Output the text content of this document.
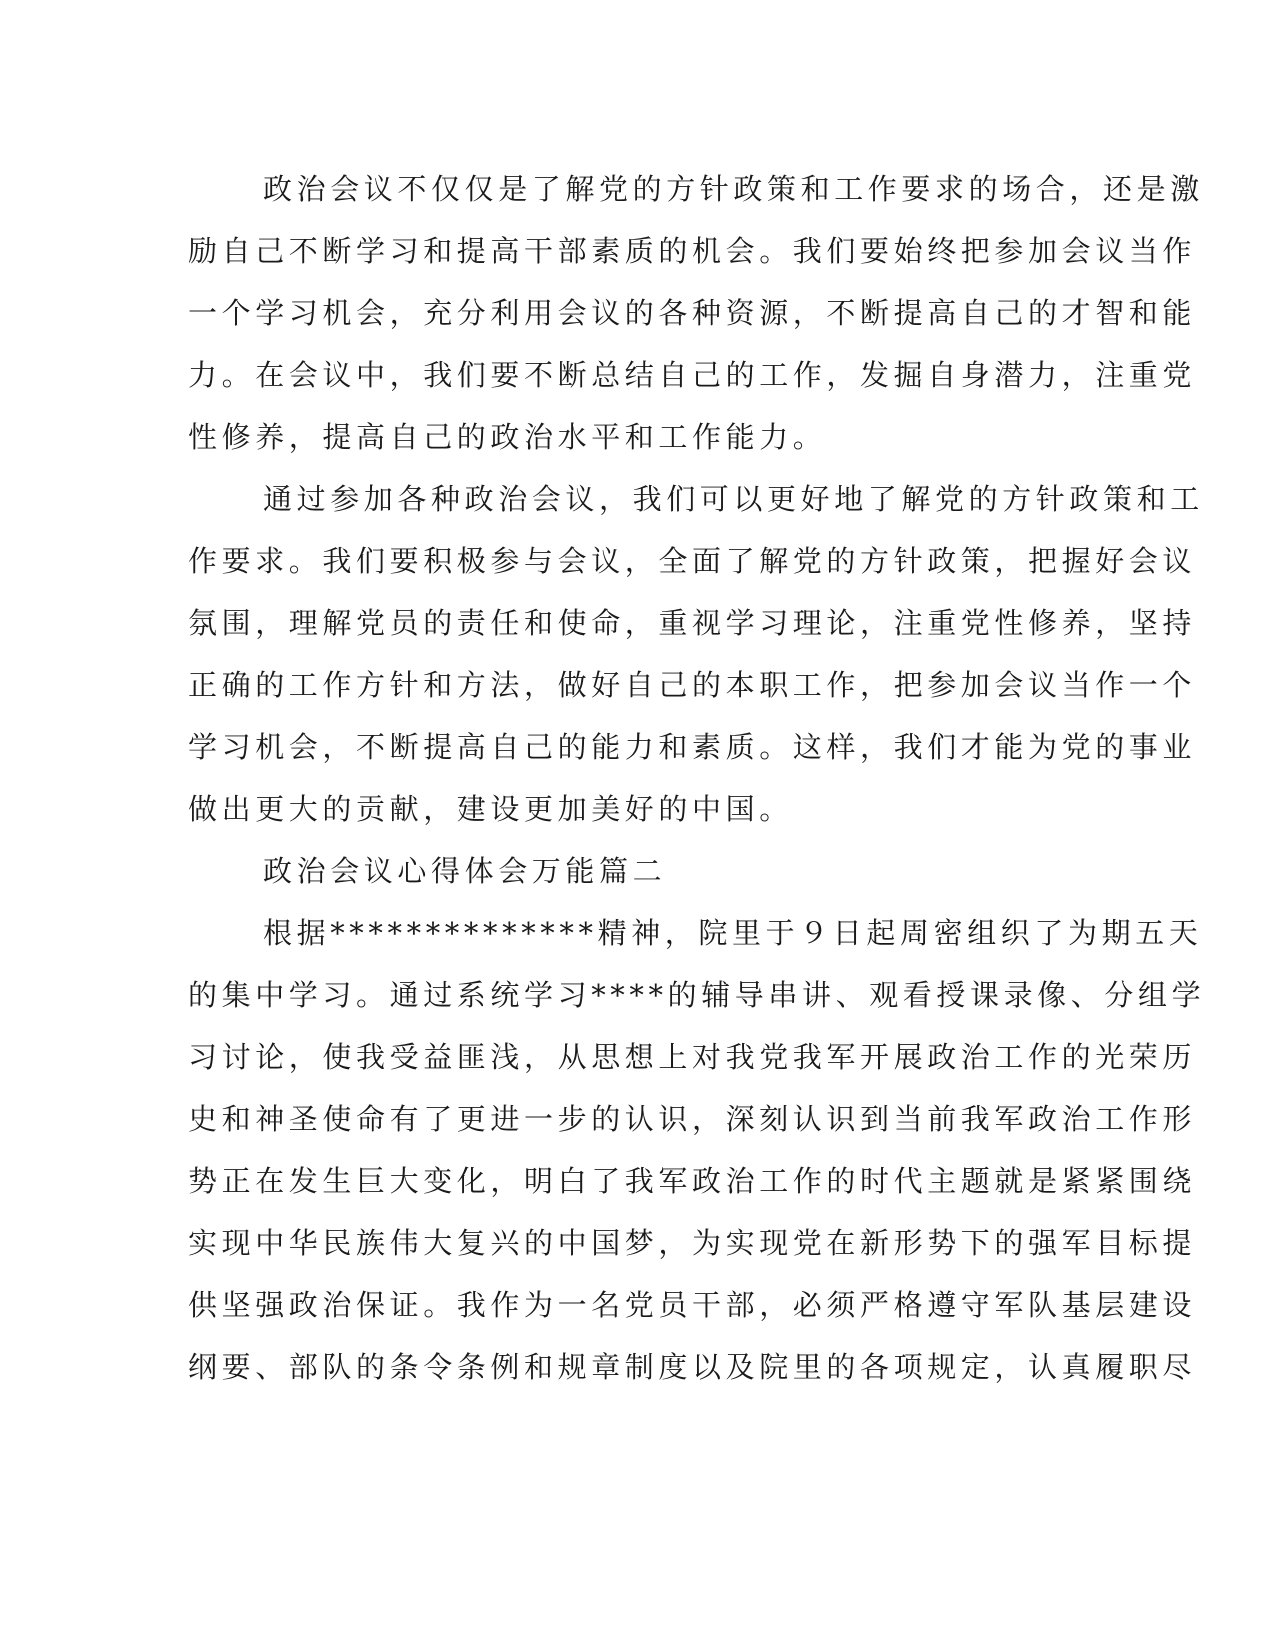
政治会议不仅仅是了解党的方针政策和工作要求的场合，还是激
励自己不断学习和提高干部素质的机会。我们要始终把参加会议当作
一个学习机会，充分利用会议的各种资源，不断提高自己的才智和能
力。在会议中，我们要不断总结自己的工作，发掘自身潜力，注重党
性修养，提高自己的政治水平和工作能力。
通过参加各种政治会议，我们可以更好地了解党的方针政策和工
作要求。我们要积极参与会议，全面了解党的方针政策，把握好会议
氛围，理解党员的责任和使命，重视学习理论，注重党性修养，坚持
正确的工作方针和方法，做好自己的本职工作，把参加会议当作一个
学习机会，不断提高自己的能力和素质。这样，我们才能为党的事业
做出更大的贡献，建设更加美好的中国。
政治会议心得体会万能篇二
根据**************精神，院里于９日起周密组织了为期五天
的集中学习。通过系统学习****的辅导串讲、观看授课录像、分组学
习讨论，使我受益匪浅，从思想上对我党我军开展政治工作的光荣历
史和神圣使命有了更进一步的认识，深刻认识到当前我军政治工作形
势正在发生巨大变化，明白了我军政治工作的时代主题就是紧紧围绕
实现中华民族伟大复兴的中国梦，为实现党在新形势下的强军目标提
供坚强政治保证。我作为一名党员干部，必须严格遵守军队基层建设
纲要、部队的条令条例和规章制度以及院里的各项规定，认真履职尽
